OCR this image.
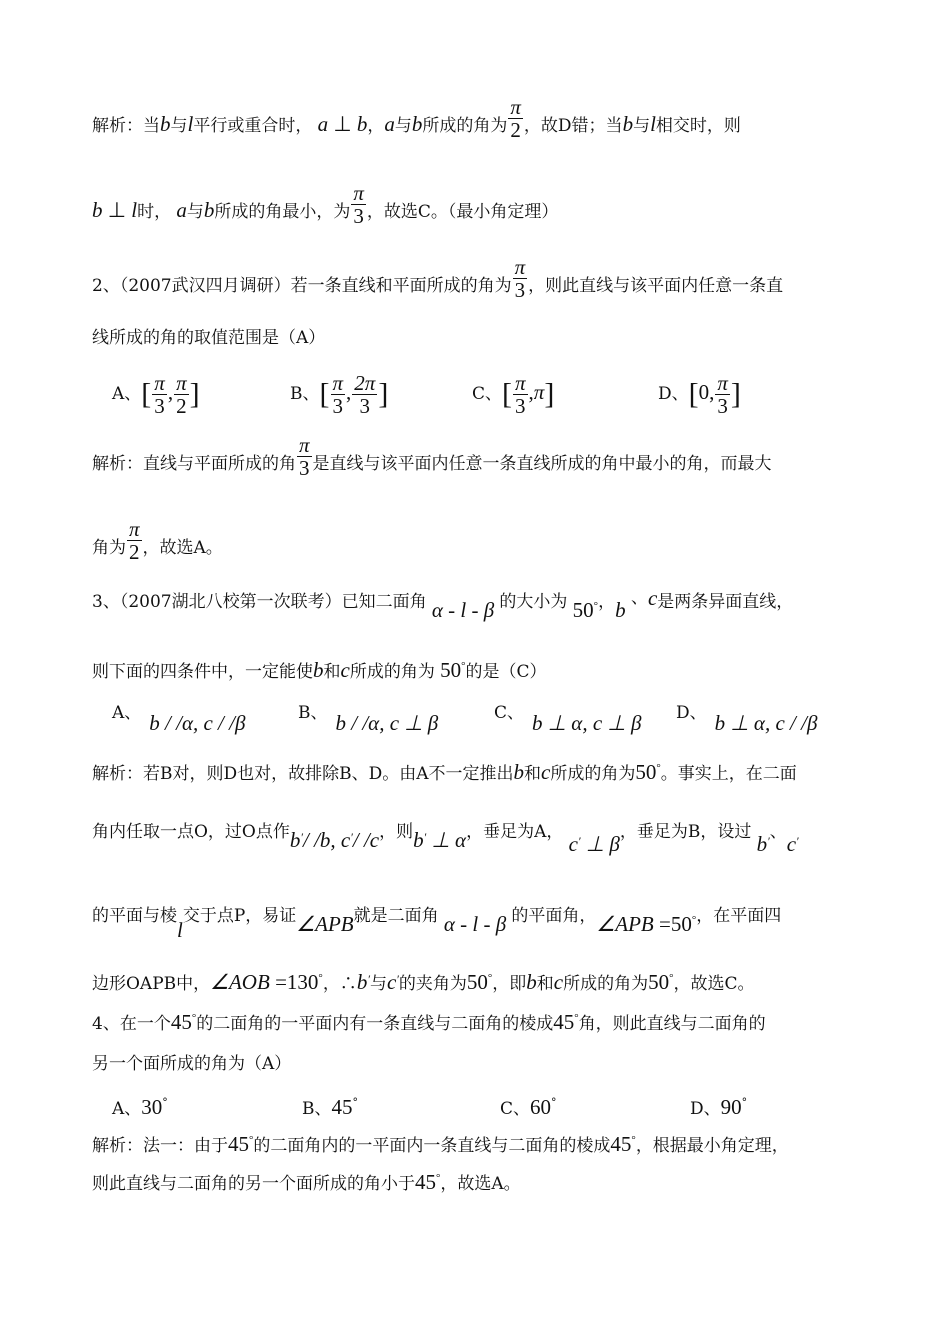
解析：当b与l平行或重合时， a ⊥ b，a与b所成的角为 $\frac{\pi}{2}$ ，故D错；当b与l相交时，则
b ⊥ l时， a与b所成的角最小，为 $\frac{\pi}{3}$ ，故选C。（最小角定理）
2、（2007武汉四月调研）若一条直线和平面所成的角为 $\frac{\pi}{3}$ ，则此直线与该平面内任意一条直
线所成的角的取值范围是（A）
A、[ $\frac{\pi}{3}$ , $\frac{\pi}{2}$ ]	B、[ $\frac{\pi}{3}$ , $\frac{2\pi}{3}$ ]	C、[ $\frac{\pi}{3} ,\pi$]	D、[0, $\frac{\pi}{3}$ ]
解析：直线与平面所成的角 $\frac{\pi}{3}$ 是直线与该平面内任意一条直线所成的角中最小的角，而最大
角为 $\frac{\pi}{2}$ ，故选A。
3、（2007湖北八校第一次联考）已知二面角 α - l - β 的大小为 50°，b 、c是两条异面直线，
则下面的四条件中，一定能使b和c所成的角为 50°的是（C）
A、 b / /α, c / /β	B、 b / /α, c ⊥ β	C、 b ⊥ α, c ⊥ β D、 b ⊥ α, c / /β
解析：若B对，则D也对，故排除B、D。由A不一定推出b和c所成的角为50°。事实上，在二面
角内任取一点O，过O点作b′/ /b, c′/ /c，则b′ ⊥ α，垂足为A， c′ ⊥ β，垂足为B，设过 b′、c′
的平面与棱l交于点P，易证∠APB就是二面角 α - l - β 的平面角，∠APB =50°，在平面四
边形OAPB中，∠AOB =130°，∴b′与c′的夹角为50°，即b和c所成的角为50°，故选C。
4、在一个45°的二面角的一平面内有一条直线与二面角的棱成45°角，则此直线与二面角的
另一个面所成的角为（A）
A、30°	B、45°	C、60°	D、90°
解析：法一：由于45°的二面角内的一平面内一条直线与二面角的棱成45°，根据最小角定理，
则此直线与二面角的另一个面所成的角小于45°，故选A。
